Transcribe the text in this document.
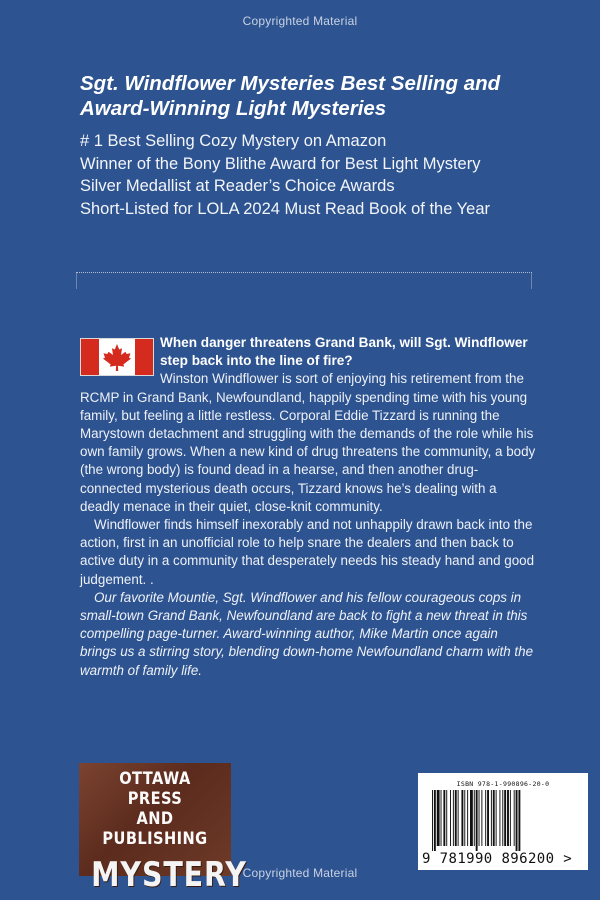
Copyrighted Material
Sgt. Windflower Mysteries Best Selling and
Award-Winning Light Mysteries
# 1 Best Selling Cozy Mystery on Amazon
Winner of the Bony Blithe Award for Best Light Mystery
Silver Medallist at Reader’s Choice Awards
Short-Listed for LOLA 2024 Must Read Book of the Year

When danger threatens Grand Bank, will Sgt. Windflower step back into the line of fire?

Winston Windflower is sort of enjoying his retirement from the RCMP in Grand Bank, Newfoundland, happily spending time with his young family, but feeling a little restless. Corporal Eddie Tizzard is running the Marystown detachment and struggling with the demands of the role while his own family grows. When a new kind of drug threatens the community, a body (the wrong body) is found dead in a hearse, and then another drug-connected mysterious death occurs, Tizzard knows he’s dealing with a deadly menace in their quiet, close-knit community.

Windflower finds himself inexorably and not unhappily drawn back into the action, first in an unofficial role to help snare the dealers and then back to active duty in a community that desperately needs his steady hand and good judgement. .

Our favorite Mountie, Sgt. Windflower and his fellow courageous cops in small-town Grand Bank, Newfoundland are back to fight a new threat in this compelling page-turner. Award-winning author, Mike Martin once again brings us a stirring story, blending down-home Newfoundland charm with the warmth of family life.

OTTAWA PRESS
AND PUBLISHING
MYSTERY
ISBN 978-1-990896-20-0
9 781990 896200 >
Copyrighted Material
